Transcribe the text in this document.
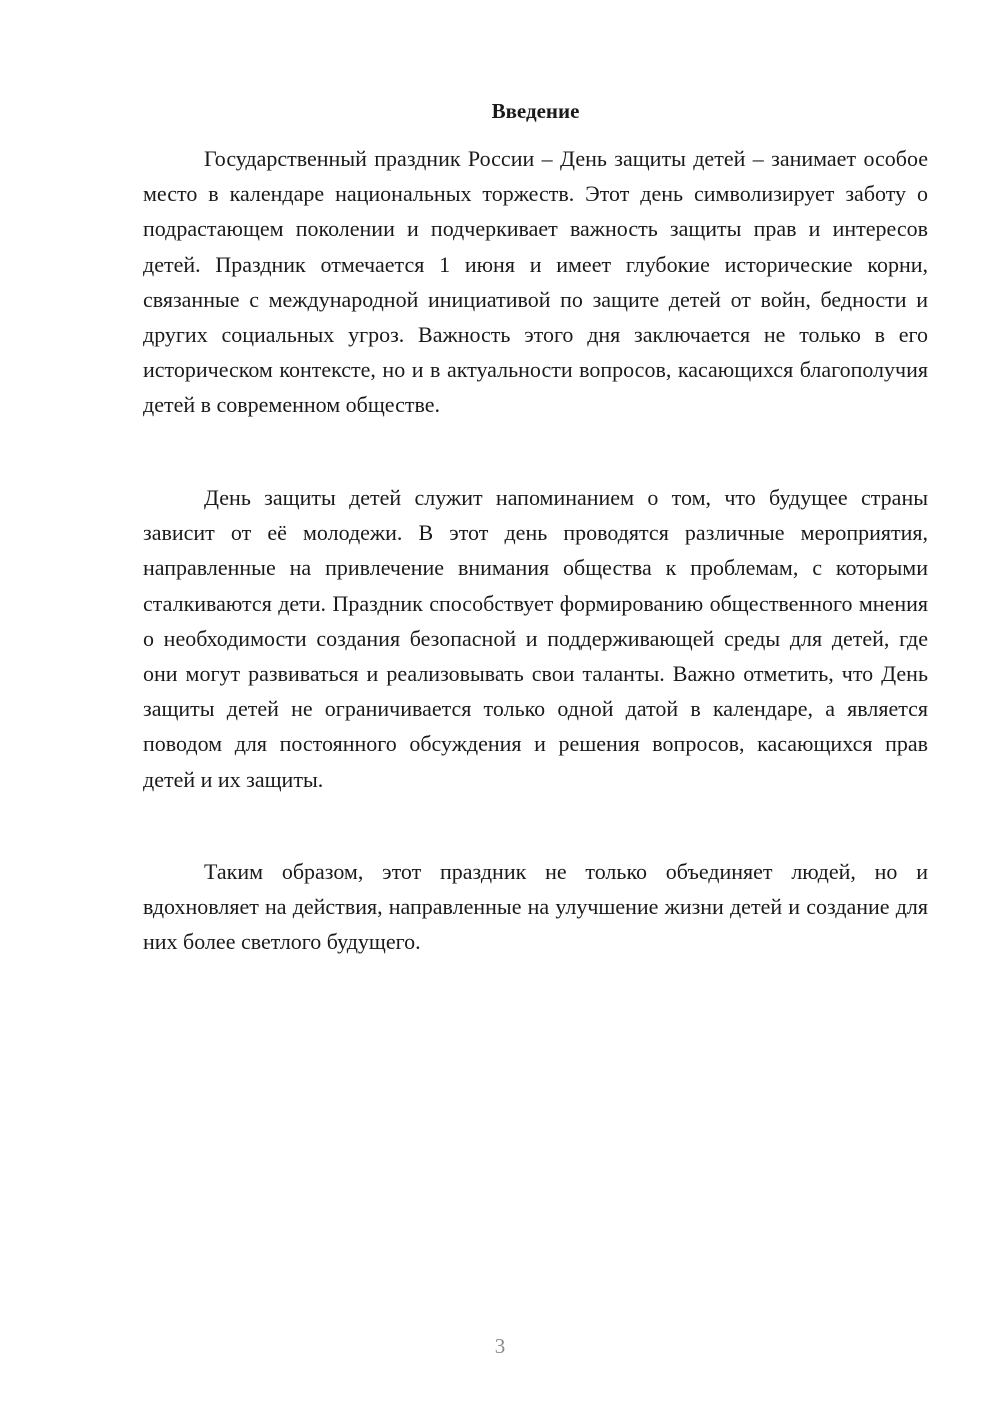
Введение

Государственный праздник России – День защиты детей – занимает особое место в календаре национальных торжеств. Этот день символизирует заботу о подрастающем поколении и подчеркивает важность защиты прав и интересов детей. Праздник отмечается 1 июня и имеет глубокие исторические корни, связанные с международной инициативой по защите детей от войн, бедности и других социальных угроз. Важность этого дня заключается не только в его историческом контексте, но и в актуальности вопросов, касающихся благополучия детей в современном обществе.

День защиты детей служит напоминанием о том, что будущее страны зависит от её молодежи. В этот день проводятся различные мероприятия, направленные на привлечение внимания общества к проблемам, с которыми сталкиваются дети. Праздник способствует формированию общественного мнения о необходимости создания безопасной и поддерживающей среды для детей, где они могут развиваться и реализовывать свои таланты. Важно отметить, что День защиты детей не ограничивается только одной датой в календаре, а является поводом для постоянного обсуждения и решения вопросов, касающихся прав детей и их защиты.

Таким образом, этот праздник не только объединяет людей, но и вдохновляет на действия, направленные на улучшение жизни детей и создание для них более светлого будущего.

3
